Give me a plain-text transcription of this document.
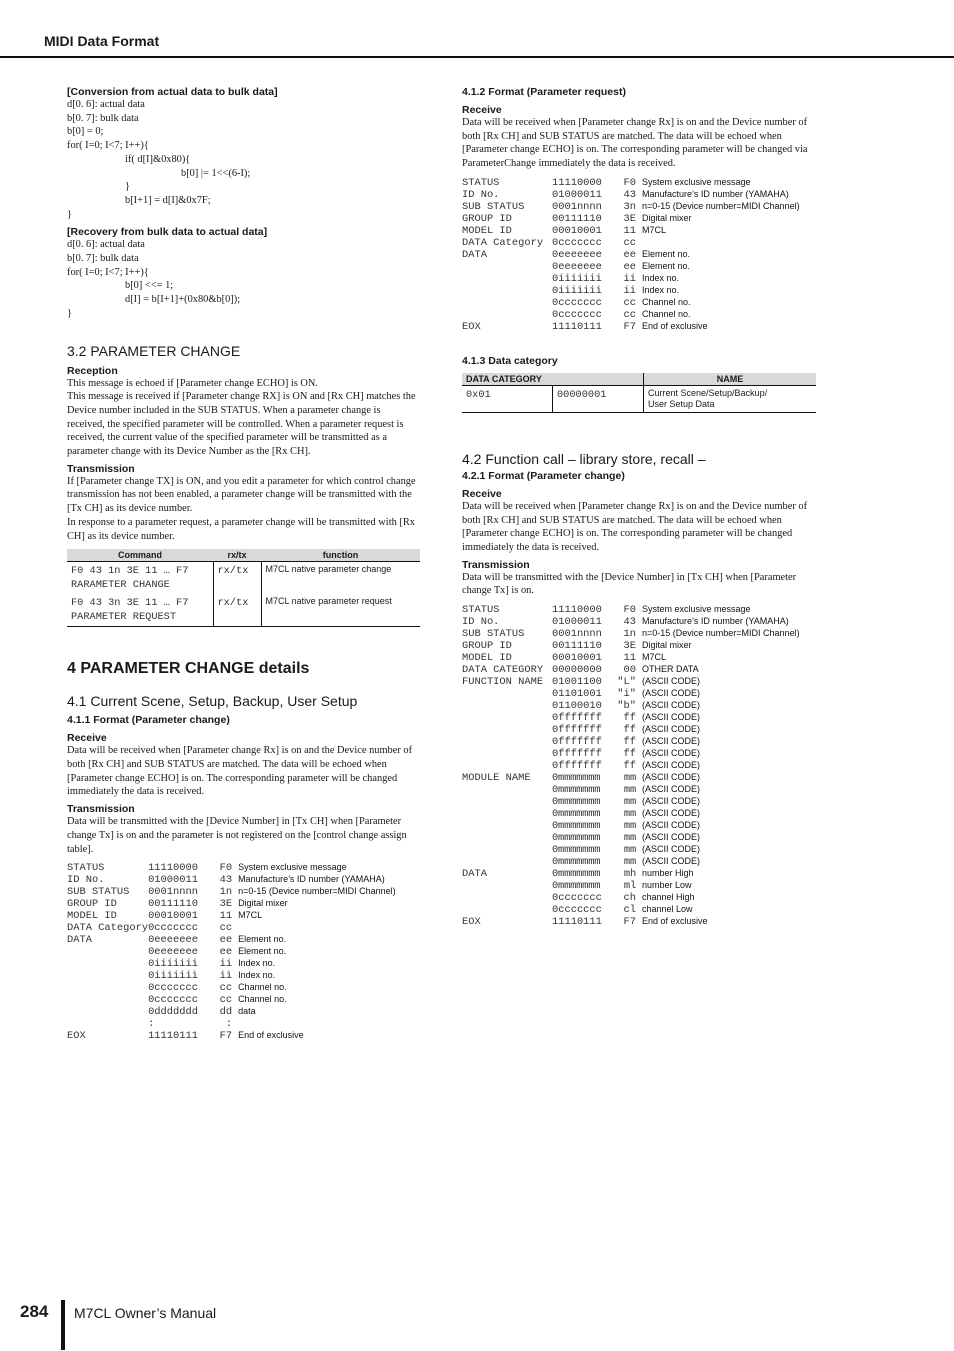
MIDI Data Format

[Conversion from actual data to bulk data]

d[0. 6]: actual data
b[0. 7]: bulk data
b[0] = 0;
for( I=0; I<7; I++){
if( d[I]&0x80){
b[0] |= 1<<(6-I);
}
b[I+1] = d[I]&0x7F;
}

[Recovery from bulk data to actual data]

d[0. 6]: actual data
b[0. 7]: bulk data
for( I=0; I<7; I++){
b[0] <<= 1;
d[I] = b[I+1]+(0x80&b[0]);
}

3.2 PARAMETER CHANGE

Reception

This message is echoed if [Parameter change ECHO] is ON.

This message is received if [Parameter change RX] is ON and [Rx CH] matches the Device number included in the SUB STATUS. When a parameter change is received, the specified parameter will be controlled. When a parameter request is received, the current value of the specified parameter will be transmitted as a parameter change with its Device Number as the [Rx CH].

Transmission

If [Parameter change TX] is ON, and you edit a parameter for which control change transmission has not been enabled, a parameter change will be transmitted with the [Tx CH] as its device number.

In response to a parameter request, a parameter change will be transmitted with [Rx CH] as its device number.

Command	rx/tx	function

F0 43 1n 3E 11 … F7
RARAMETER CHANGE	rx/tx	M7CL native parameter change

F0 43 3n 3E 11 … F7
PARAMETER REQUEST	rx/tx	M7CL native parameter request

4 PARAMETER CHANGE details

4.1 Current Scene, Setup, Backup, User Setup

4.1.1 Format (Parameter change)

Receive

Data will be received when [Parameter change Rx] is on and the Device number of both [Rx CH] and SUB STATUS are matched. The data will be echoed when [Parameter change ECHO] is on. The corresponding parameter will be changed immediately the data is received.

Transmission

Data will be transmitted with the [Device Number] in [Tx CH] when [Parameter change Tx] is on and the parameter is not registered on the [control change assign table].

STATUS	11110000	F0	System exclusive message
ID No.	01000011	43	Manufacture’s ID number (YAMAHA)
SUB STATUS	0001nnnn	1n	n=0-15 (Device number=MIDI Channel)
GROUP ID	00111110	3E	Digital mixer
MODEL ID	00010001	11	M7CL
DATA Category	0ccccccc	cc	
DATA	0eeeeeee	ee	Element no.
	0eeeeeee	ee	Element no.
	0iiiiiii	ii	Index no.
	0iiiiiii	ii	Index no.
	0ccccccc	cc	Channel no.
	0ccccccc	cc	Channel no.
	0ddddddd	dd	data
	:	:	
EOX	11110111	F7	End of exclusive

4.1.2 Format (Parameter request)

Receive

Data will be received when [Parameter change Rx] is on and the Device number of both [Rx CH] and SUB STATUS are matched. The data will be echoed when [Parameter change ECHO] is on. The corresponding parameter will be changed via ParameterChange immediately the data is received.

STATUS	11110000	F0	System exclusive message
ID No.	01000011	43	Manufacture’s ID number (YAMAHA)
SUB STATUS	0001nnnn	3n	n=0-15 (Device number=MIDI Channel)
GROUP ID	00111110	3E	Digital mixer
MODEL ID	00010001	11	M7CL
DATA Category	0ccccccc	cc	
DATA	0eeeeeee	ee	Element no.
	0eeeeeee	ee	Element no.
	0iiiiiii	ii	Index no.
	0iiiiiii	ii	Index no.
	0ccccccc	cc	Channel no.
	0ccccccc	cc	Channel no.
EOX	11110111	F7	End of exclusive

4.1.3 Data category

DATA CATEGORY		NAME
0x01	00000001	Current Scene/Setup/Backup/
User Setup Data

4.2 Function call – library store, recall –

4.2.1 Format (Parameter change)

Receive

Data will be received when [Parameter change Rx] is on and the Device number of both [Rx CH] and SUB STATUS are matched. The data will be echoed when [Parameter change ECHO] is on. The corresponding parameter will be changed immediately the data is received.

Transmission

Data will be transmitted with the [Device Number] in [Tx CH] when [Parameter change Tx] is on.

STATUS	11110000	F0	System exclusive message
ID No.	01000011	43	Manufacture’s ID number (YAMAHA)
SUB STATUS	0001nnnn	1n	n=0-15 (Device number=MIDI Channel)
GROUP ID	00111110	3E	Digital mixer
MODEL ID	00010001	11	M7CL
DATA CATEGORY	00000000	00	OTHER DATA
FUNCTION NAME	01001100	"L"	(ASCII CODE)
	01101001	"i"	(ASCII CODE)
	01100010	"b"	(ASCII CODE)
	0fffffff	ff	(ASCII CODE)
	0fffffff	ff	(ASCII CODE)
	0fffffff	ff	(ASCII CODE)
	0fffffff	ff	(ASCII CODE)
	0fffffff	ff	(ASCII CODE)
MODULE NAME	0mmmmmmm	mm	(ASCII CODE)
	0mmmmmmm	mm	(ASCII CODE)
	0mmmmmmm	mm	(ASCII CODE)
	0mmmmmmm	mm	(ASCII CODE)
	0mmmmmmm	mm	(ASCII CODE)
	0mmmmmmm	mm	(ASCII CODE)
	0mmmmmmm	mm	(ASCII CODE)
	0mmmmmmm	mm	(ASCII CODE)
DATA	0mmmmmmm	mh	number High
	0mmmmmmm	ml	number Low
	0ccccccc	ch	channel High
	0ccccccc	cl	channel Low
EOX	11110111	F7	End of exclusive
284 M7CL Owner’s Manual
